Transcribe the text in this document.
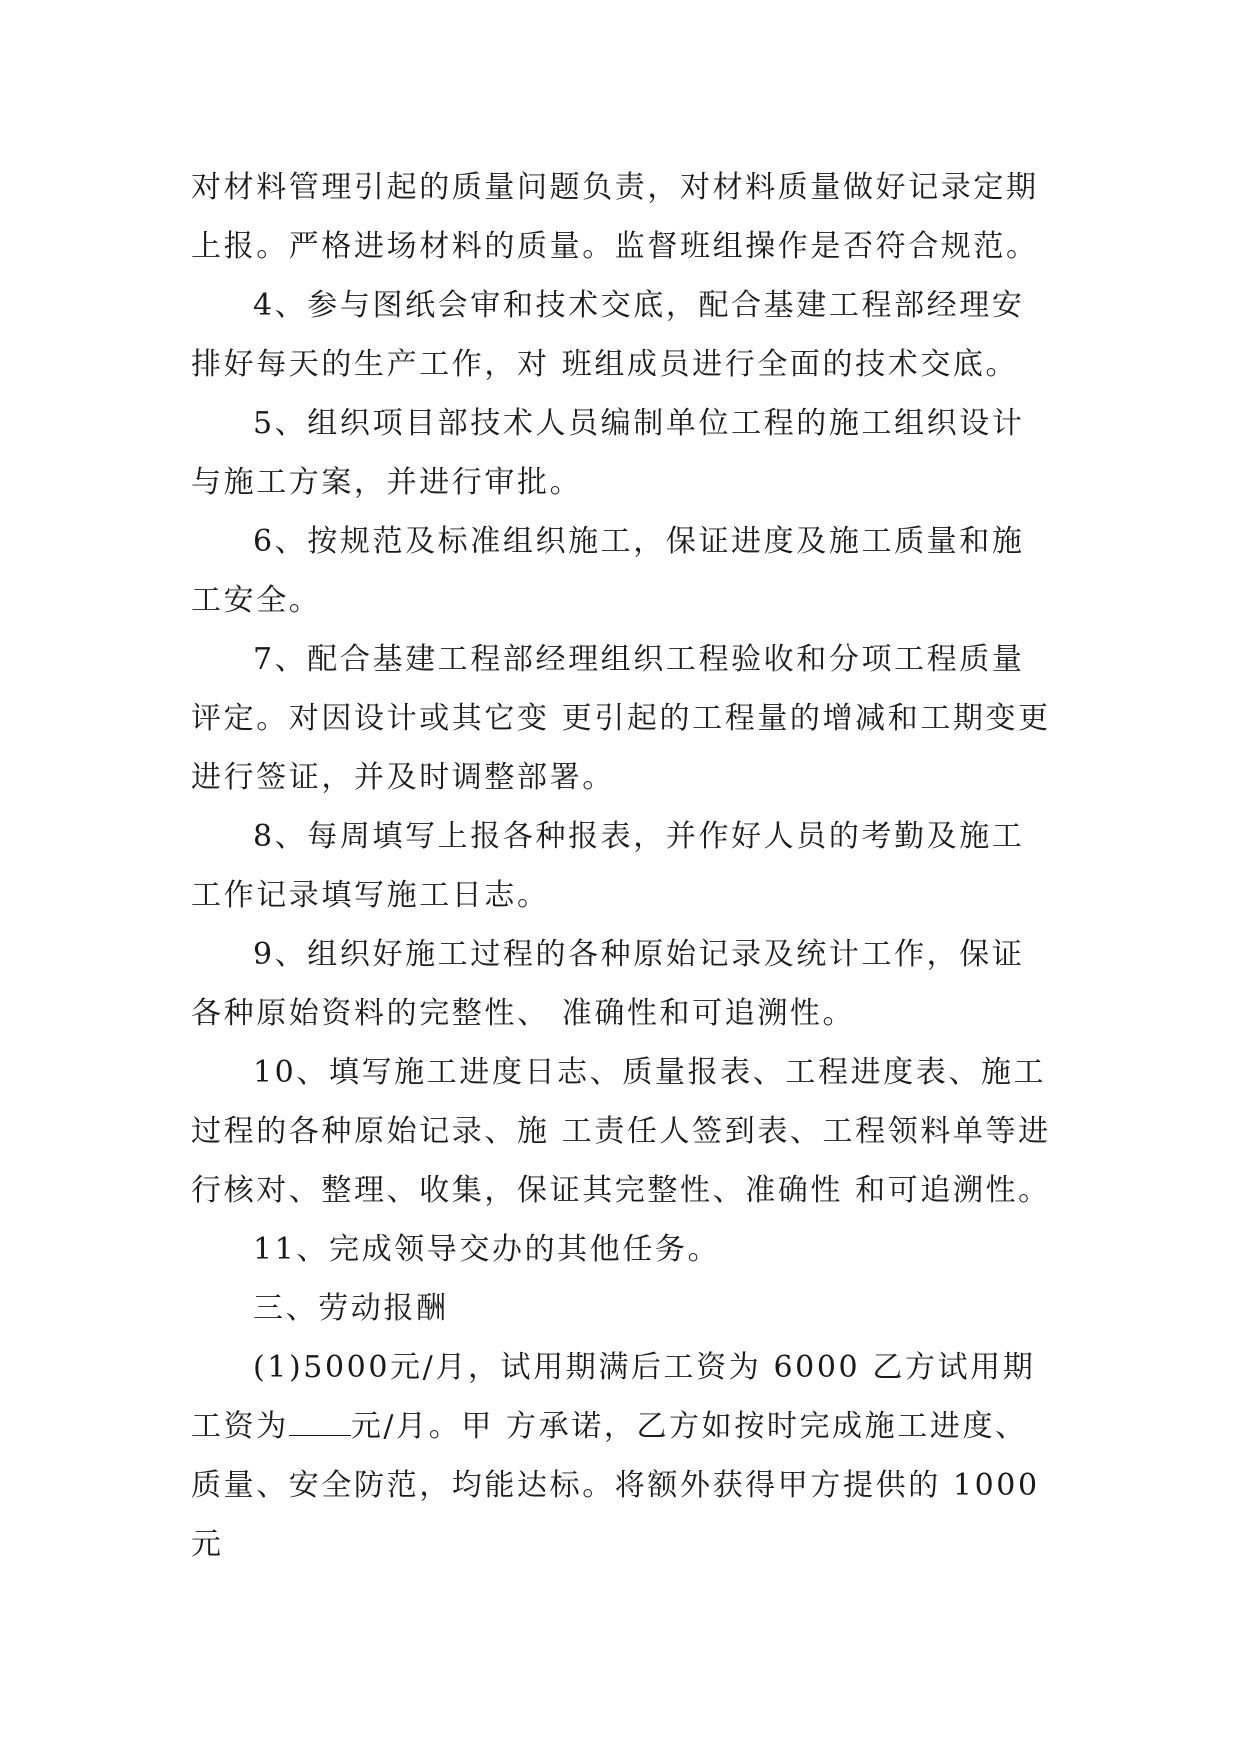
对材料管理引起的质量问题负责，对材料质量做好记录定期上报。严格进场材料的质量。监督班组操作是否符合规范。

4、参与图纸会审和技术交底，配合基建工程部经理安排好每天的生产工作，对 班组成员进行全面的技术交底。

5、组织项目部技术人员编制单位工程的施工组织设计与施工方案，并进行审批。

6、按规范及标准组织施工，保证进度及施工质量和施工安全。

7、配合基建工程部经理组织工程验收和分项工程质量评定。对因设计或其它变 更引起的工程量的增减和工期变更进行签证，并及时调整部署。

8、每周填写上报各种报表，并作好人员的考勤及施工工作记录填写施工日志。

9、组织好施工过程的各种原始记录及统计工作，保证各种原始资料的完整性、 准确性和可追溯性。

10、填写施工进度日志、质量报表、工程进度表、施工过程的各种原始记录、施 工责任人签到表、工程领料单等进行核对、整理、收集，保证其完整性、准确性 和可追溯性。

11、完成领导交办的其他任务。

三、劳动报酬

(1)5000元/月，试用期满后工资为 6000 乙方试用期工资为 元/月。甲 方承诺，乙方如按时完成施工进度、质量、安全防范，均能达标。将额外获得甲方提供的 1000 元
